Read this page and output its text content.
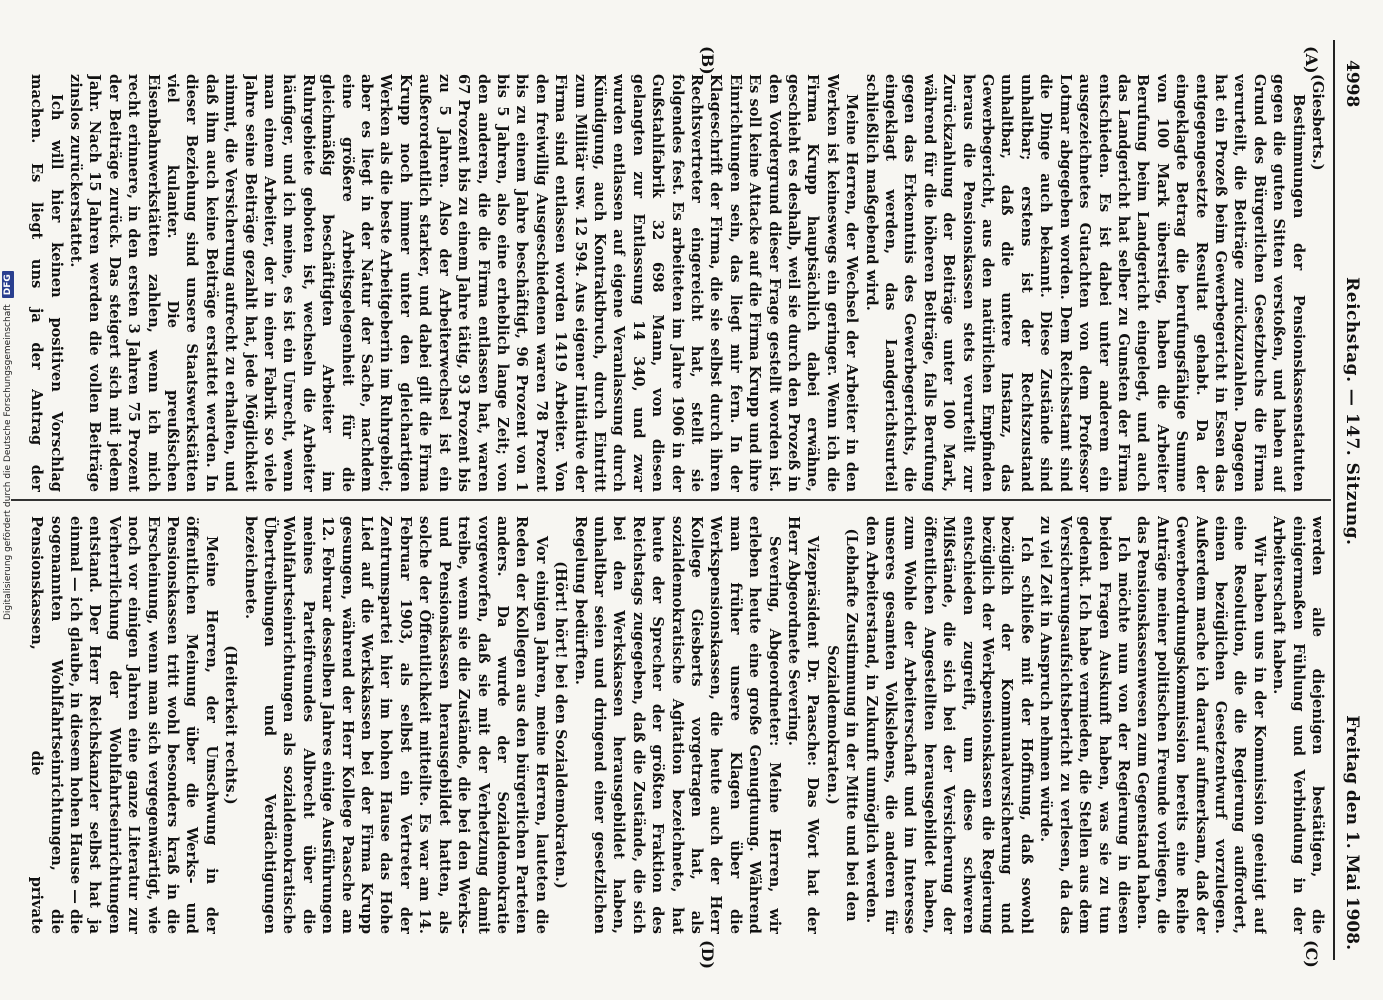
4998
Reichstag. — 147. Sitzung.
Freitag den 1. Mai 1908.
(A)
(B)
(C)
(D)

(Giesberts.)

Bestimmungen der Pensionskassenstatuten gegen die guten Sitten verstoßen, und haben auf Grund des Bürgerlichen Gesetzbuchs die Firma verurteilt, die Beiträge zurückzuzahlen. Dagegen hat ein Prozeß beim Gewerbegericht in Essen das entgegengesetzte Resultat gehabt. Da der eingeklagte Betrag die berufungsfähige Summe von 100 Mark überstieg, haben die Arbeiter Berufung beim Landgericht eingelegt, und auch das Landgericht hat selber zu Gunsten der Firma entschieden. Es ist dabei unter anderem ein ausgezeichnetes Gutachten von dem Professor Lotmar abgegeben worden. Dem Reichsstamt sind die Dinge auch bekannt. Diese Zustände sind unhaltbar; erstens ist der Rechtszustand unhaltbar, daß die untere Instanz, das Gewerbegericht, aus den natürlichen Empfinden heraus die Pensionskassen stets verurteilt zur Zurückzahlung der Beiträge unter 100 Mark, während für die höheren Beiträge, falls Berufung gegen das Erkenntnis des Gewerbegerichts, die eingeklagt werden, das Landgerichtsurteil schließlich maßgebend wird.

Meine Herren, der Wechsel der Arbeiter in den Werken ist keineswegs ein geringer. Wenn ich die Firma Krupp hauptsächlich dabei erwähne, geschieht es deshalb, weil sie durch den Prozeß in den Vordergrund dieser Frage gestellt worden ist. Es soll keine Attacke auf die Firma Krupp und ihre Einrichtungen sein, das liegt mir fern. In der Klageschrift der Firma, die sie selbst durch ihren Rechtsvertreter eingereicht hat, stellt sie folgendes fest. Es arbeiteten im Jahre 1906 in der Gußstahlfabrik 32 698 Mann, von diesen gelangten zur Entlassung 14 340, und zwar wurden entlassen auf eigene Veranlassung durch Kündigung, auch Kontraktbruch, durch Eintritt zum Militär usw. 12 594. Aus eigener Initiative der Firma sind entlassen worden 1419 Arbeiter. Von den freiwillig Ausgeschiedenen waren 78 Prozent bis zu einem Jahre beschäftigt, 96 Prozent von 1 bis 5 Jahren, also eine erheblich lange Zeit; von den anderen, die die Firma entlassen hat, waren 67 Prozent bis zu einem Jahre tätig, 93 Prozent bis zu 5 Jahren. Also der Arbeiterwechsel ist ein außerordentlich starker, und dabei gilt die Firma Krupp noch immer unter den gleichartigen Werken als die beste Arbeitgeberin im Ruhrgebiet; aber es liegt in der Natur der Sache, nachdem eine größere Arbeitsgelegenheit für die gleichmäßig beschäftigten Arbeiter im Ruhrgebiete geboten ist, wechseln die Arbeiter häufiger, und ich meine, es ist ein Unrecht, wenn man einem Arbeiter, der in einer Fabrik so viele Jahre seine Beiträge gezahlt hat, jede Möglichkeit nimmt, die Versicherung aufrecht zu erhalten, und daß ihm auch keine Beiträge erstattet werden. In dieser Beziehung sind unsere Staatswerkstätten viel kulanter. Die preußischen Eisenbahnwerkstätten zahlen, wenn ich mich recht erinnere, in den ersten 3 Jahren 75 Prozent der Beiträge zurück. Das steigert sich mit jedem Jahr. Nach 15 Jahren werden die vollen Beiträge zinslos zurückerstattet.

Ich will hier keinen positiven Vorschlag machen. Es liegt uns ja der Antrag der

werden alle diejenigen bestätigen, die einigermaßen Fühlung und Verbindung in der Arbeiterschaft haben.

Wir haben uns in der Kommission geeinigt auf eine Resolution, die die Regierung auffordert, einen bezüglichen Gesetzentwurf vorzulegen. Außerdem mache ich darauf aufmerksam, daß der Gewerbeordnungskommission bereits eine Reihe Anträge meiner politischen Freunde vorliegen, die das Pensionskassenwesen zum Gegenstand haben.

Ich möchte nun von der Regierung in diesen beiden Fragen Auskunft haben, was sie zu tun gedenkt. Ich habe vermieden, die Stellen aus dem Versicherungsaufsichtsbericht zu verlesen, da das zu viel Zeit in Anspruch nehmen würde.

Ich schließe mit der Hoffnung, daß sowohl bezüglich der Kommunalversicherung und bezüglich der Werkpensionskassen die Regierung entschieden zugreift, um diese schweren Mißstände, die sich bei der Versicherung der öffentlichen Angestellten herausgebildet haben, zum Wohle der Arbeiterschaft und im Interesse unseres gesamten Volkslebens, die anderen für den Arbeiterstand, in Zukunft unmöglich werden.

(Lebhafte Zustimmung in der Mitte und bei den Sozialdemokraten.)

Vizepräsident Dr. Paasche: Das Wort hat der Herr Abgeordnete Severing.

Severing, Abgeordneter: Meine Herren, wir erleben heute eine große Genugtuung. Während man früher unsere Klagen über die Werkspensionskassen, die heute auch der Herr Kollege Giesberts vorgetragen hat, als sozialdemokratische Agitation bezeichnete, hat heute der Sprecher der größten Fraktion des Reichstags zugegeben, daß die Zustände, die sich bei den Werkskassen herausgebildet haben, unhaltbar seien und dringend einer gesetzlichen Regelung bedürften.

(Hört! hört! bei den Sozialdemokraten.)

Vor einigen Jahren, meine Herren, lauteten die Reden der Kollegen aus den bürgerlichen Parteien anders. Da wurde der Sozialdemokratie vorgeworfen, daß sie mit der Verhetzung damit treibe, wenn sie die Zustände, die bei den Werks- und Pensionskassen herausgebildet hatten, als solche der Öffentlichkeit mitteilte. Es war am 14. Februar 1903, als selbst ein Vertreter der Zentrumspartei hier im hohen Hause das Hohe Lied auf die Werkskassen bei der Firma Krupp gesungen, während der Herr Kollege Paasche am 12. Februar desselben Jahres einige Ausführungen meines Parteifreundes Albrecht über die Wohlfahrtseinrichtungen als sozialdemokratische Übertreibungen und Verdächtigungen bezeichnete.

(Heiterkeit rechts.)

Meine Herren, der Umschwung in der öffentlichen Meinung über die Werks- und Pensionskassen tritt wohl besonders kraß in die Erscheinung, wenn man sich vergegenwärtigt, wie noch vor einigen Jahren eine ganze Literatur zur Verherrlichung der Wohlfahrtseinrichtungen entstand. Der Herr Reichskanzler selbst hat ja einmal — ich glaube, in diesem hohen Hause — die sogenannten Wohlfahrtseinrichtungen, die Pensionskassen, die private

Digitalisierung gefördert durch die Deutsche Forschungsgemeinschaft
DFG
